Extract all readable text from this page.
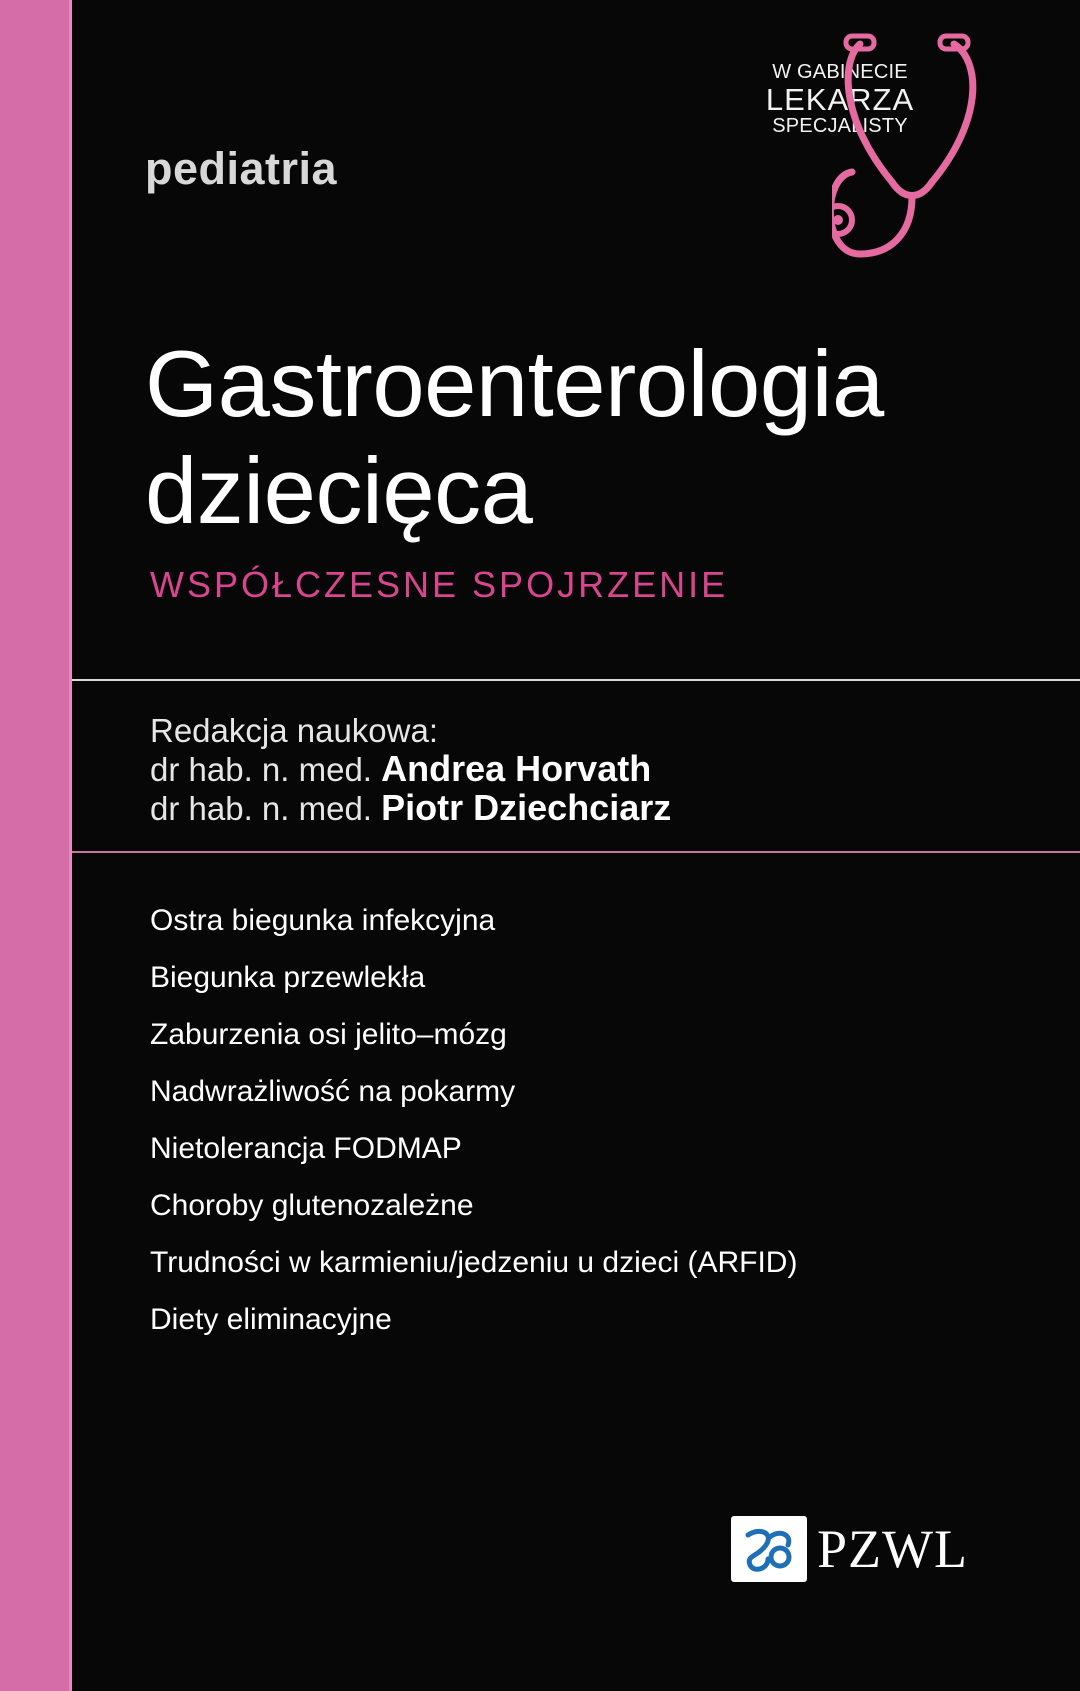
pediatria
W GABINECIE
LEKARZA
SPECJALISTY
Gastroenterologia
dziecięca
WSPÓŁCZESNE SPOJRZENIE
Redakcja naukowa:
dr hab. n. med. Andrea Horvath
dr hab. n. med. Piotr Dziechciarz
Ostra biegunka infekcyjna
Biegunka przewlekła
Zaburzenia osi jelito–mózg
Nadwrażliwość na pokarmy
Nietolerancja FODMAP
Choroby glutenozależne
Trudności w karmieniu/jedzeniu u dzieci (ARFID)
Diety eliminacyjne
PZWL
